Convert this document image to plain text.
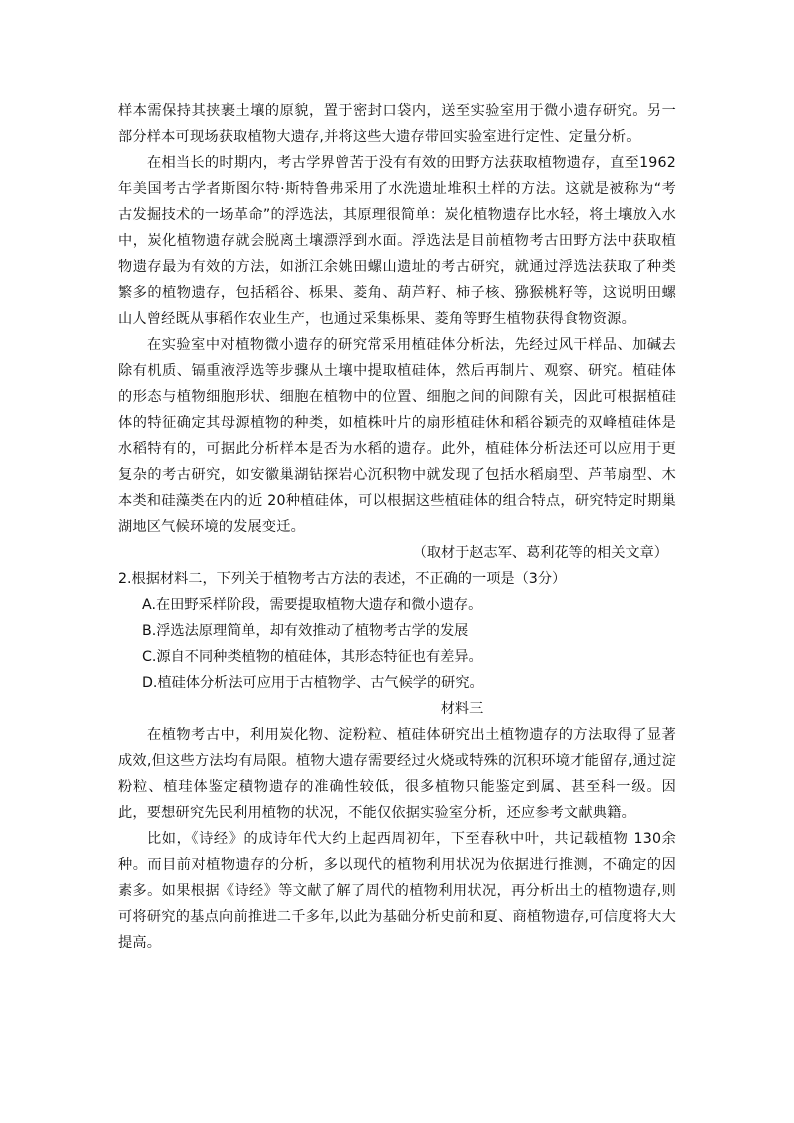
样本需保持其挟裹土壤的原貌，置于密封口袋内，送至实验室用于微小遗存研究。另一部分样本可现场获取植物大遗存,并将这些大遗存带回实验室进行定性、定量分析。

在相当长的时期内，考古学界曾苦于没有有效的田野方法获取植物遗存，直至1962年美国考古学者斯图尔特·斯特鲁弗采用了水洗遗址堆积土样的方法。这就是被称为“考古发掘技术的一场革命”的浮选法，其原理很简单：炭化植物遗存比水轻，将土壤放入水中，炭化植物遗存就会脱离土壤漂浮到水面。浮选法是目前植物考古田野方法中获取植物遗存最为有效的方法，如浙江余姚田螺山遗址的考古研究，就通过浮选法获取了种类繁多的植物遗存，包括稻谷、栎果、菱角、葫芦籽、柿子核、猕猴桃籽等，这说明田螺山人曾经既从事稻作农业生产，也通过采集栎果、菱角等野生植物获得食物资源。

在实验室中对植物微小遗存的研究常采用植硅体分析法，先经过风干样品、加碱去除有机质、镉重液浮选等步骤从土壤中提取植硅体，然后再制片、观察、研究。植硅体的形态与植物细胞形状、细胞在植物中的位置、细胞之间的间隙有关，因此可根据植硅体的特征确定其母源植物的种类，如植株叶片的扇形植硅休和稻谷颖壳的双峰植硅体是水稻特有的，可据此分析样本是否为水稻的遗存。此外，植硅体分析法还可以应用于更复杂的考古研究，如安徽巢湖钻探岩心沉积物中就发现了包括水稻扇型、芦苇扇型、木本类和硅藻类在内的近 20种植硅体，可以根据这些植硅体的组合特点，研究特定时期巢湖地区气候环境的发展变迁。

（取材于赵志军、葛利花等的相关文章）

2.根据材料二，下列关于植物考古方法的表述，不正确的一项是（3分）

A.在田野采样阶段，需要提取植物大遗存和微小遗存。

B.浮选法原理简单，却有效推动了植物考古学的发展

C.源自不同种类植物的植硅体，其形态特征也有差异。

D.植硅体分析法可应用于古植物学、古气候学的研究。

材料三

在植物考古中，利用炭化物、淀粉粒、植硅体研究出土植物遗存的方法取得了显著成效,但这些方法均有局限。植物大遗存需要经过火烧或特殊的沉积环境才能留存,通过淀粉粒、植珪体鉴定積物遗存的准确性较低，很多植物只能鉴定到属、甚至科一级。因此，要想研究先民利用植物的状况，不能仅依据实验室分析，还应参考文献典籍。

比如，《诗经》的成诗年代大约上起西周初年，下至春秋中叶，共记载植物 130余种。而目前对植物遗存的分析，多以现代的植物利用状况为依据进行推测，不确定的因素多。如果根据《诗经》等文献了解了周代的植物利用状况，再分析出土的植物遗存,则可将研究的基点向前推进二千多年,以此为基础分析史前和夏、商植物遗存,可信度将大大提高。
